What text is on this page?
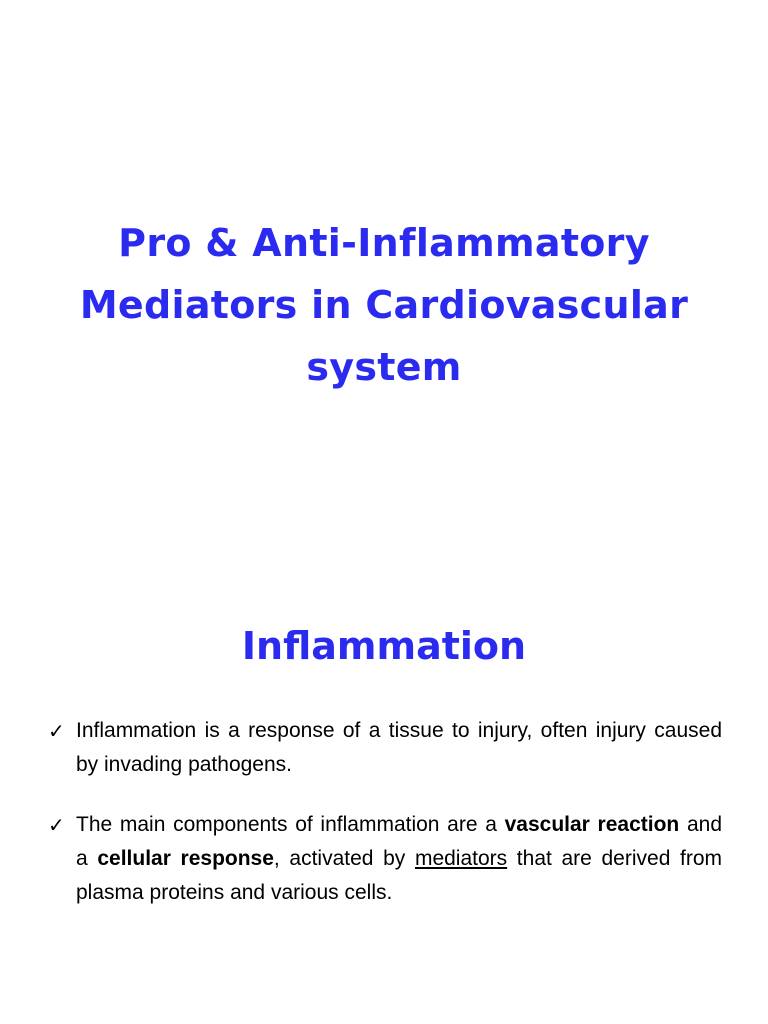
Pro & Anti-Inflammatory
Mediators in Cardiovascular
system
Inflammation
✓ Inflammation is a response of a tissue to injury, often injury caused by invading pathogens.
✓ The main components of inflammation are a vascular reaction and a cellular response, activated by mediators that are derived from plasma proteins and various cells.
